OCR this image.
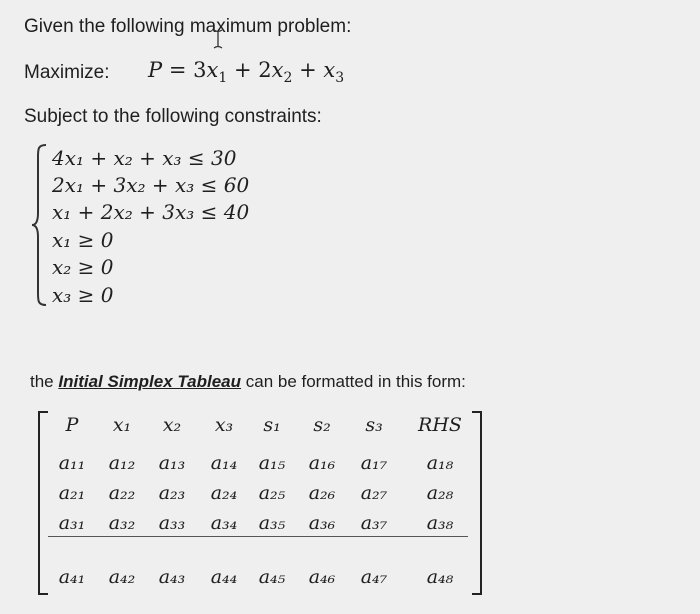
Given the following maximum problem:
Maximize: $P = 3x_1 + 2x_2 + x_3$
Subject to the following constraints:
4x₁ + x₂ + x₃ ≤ 30
2x₁ + 3x₂ + x₃ ≤ 60
x₁ + 2x₂ + 3x₃ ≤ 40
x₁ ≥ 0
x₂ ≥ 0
x₃ ≥ 0
the Initial Simplex Tableau can be formatted in this form:
P x₁ x₂ x₃ s₁ s₂ s₃ RHS
a₁₁ a₁₂ a₁₃ a₁₄ a₁₅ a₁₆ a₁₇ a₁₈
a₂₁ a₂₂ a₂₃ a₂₄ a₂₅ a₂₆ a₂₇ a₂₈
a₃₁ a₃₂ a₃₃ a₃₄ a₃₅ a₃₆ a₃₇ a₃₈
a₄₁ a₄₂ a₄₃ a₄₄ a₄₅ a₄₆ a₄₇ a₄₈
